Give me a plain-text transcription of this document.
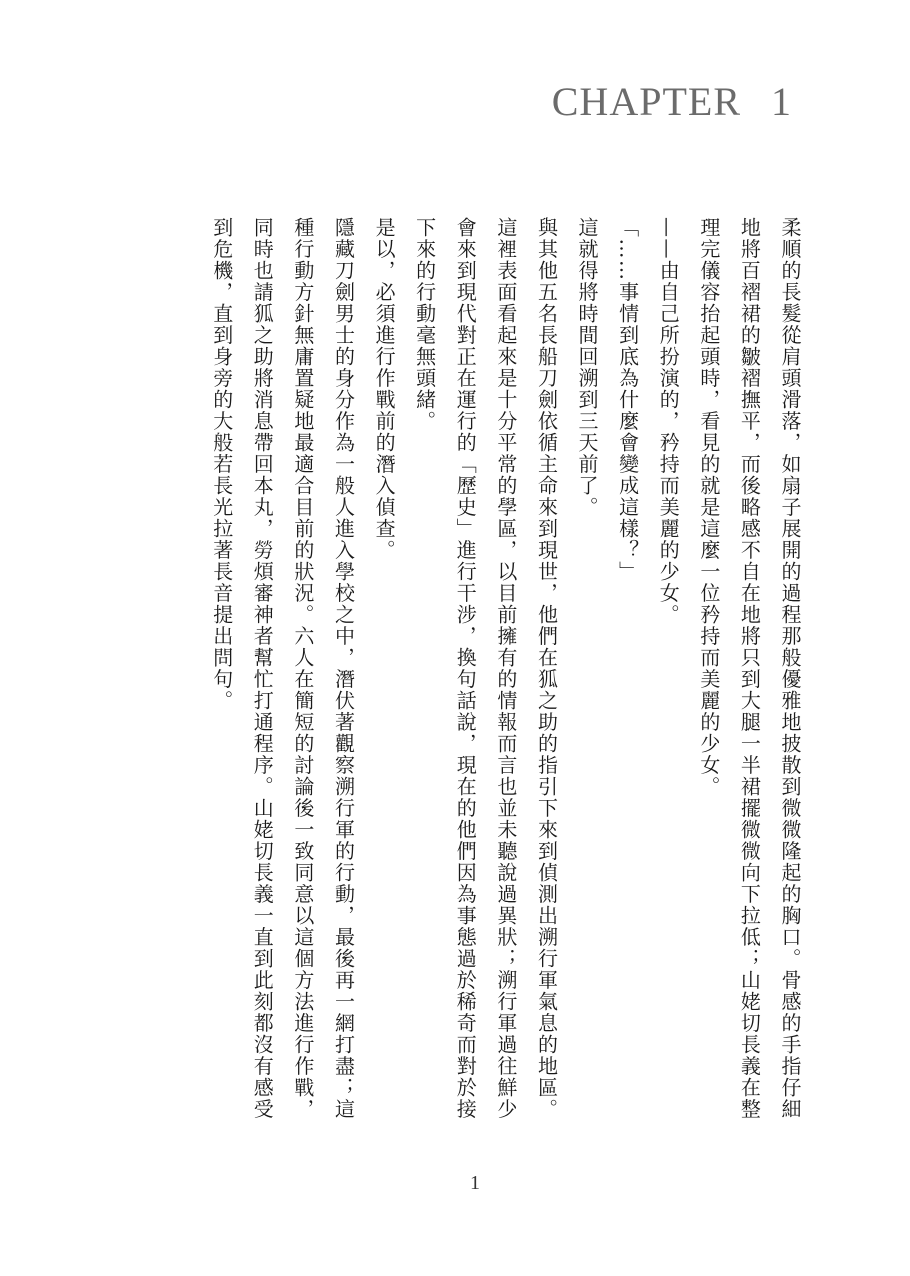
CHAPTER 1

柔順的長髮從肩頭滑落，如扇子展開的過程那般優雅地披散到微微隆起的胸口。骨感的手指仔細地將百褶裙的皺褶撫平，而後略感不自在地將只到大腿一半裙擺微微向下拉低；山姥切長義在整理完儀容抬起頭時，看見的就是這麼一位矜持而美麗的少女。

——由自己所扮演的，矜持而美麗的少女。

「……事情到底為什麼會變成這樣？」

這就得將時間回溯到三天前了。

與其他五名長船刀劍依循主命來到現世，他們在狐之助的指引下來到偵測出溯行軍氣息的地區。這裡表面看起來是十分平常的學區，以目前擁有的情報而言也並未聽說過異狀；溯行軍過往鮮少會來到現代對正在運行的「歷史」進行干涉，換句話說，現在的他們因為事態過於稀奇而對於接下來的行動毫無頭緒。

是以，必須進行作戰前的潛入偵查。

隱藏刀劍男士的身分作為一般人進入學校之中，潛伏著觀察溯行軍的行動，最後再一網打盡；這種行動方針無庸置疑地最適合目前的狀況。六人在簡短的討論後一致同意以這個方法進行作戰，同時也請狐之助將消息帶回本丸，勞煩審神者幫忙打通程序。山姥切長義一直到此刻都沒有感受到危機，直到身旁的大般若長光拉著長音提出問句。

1
